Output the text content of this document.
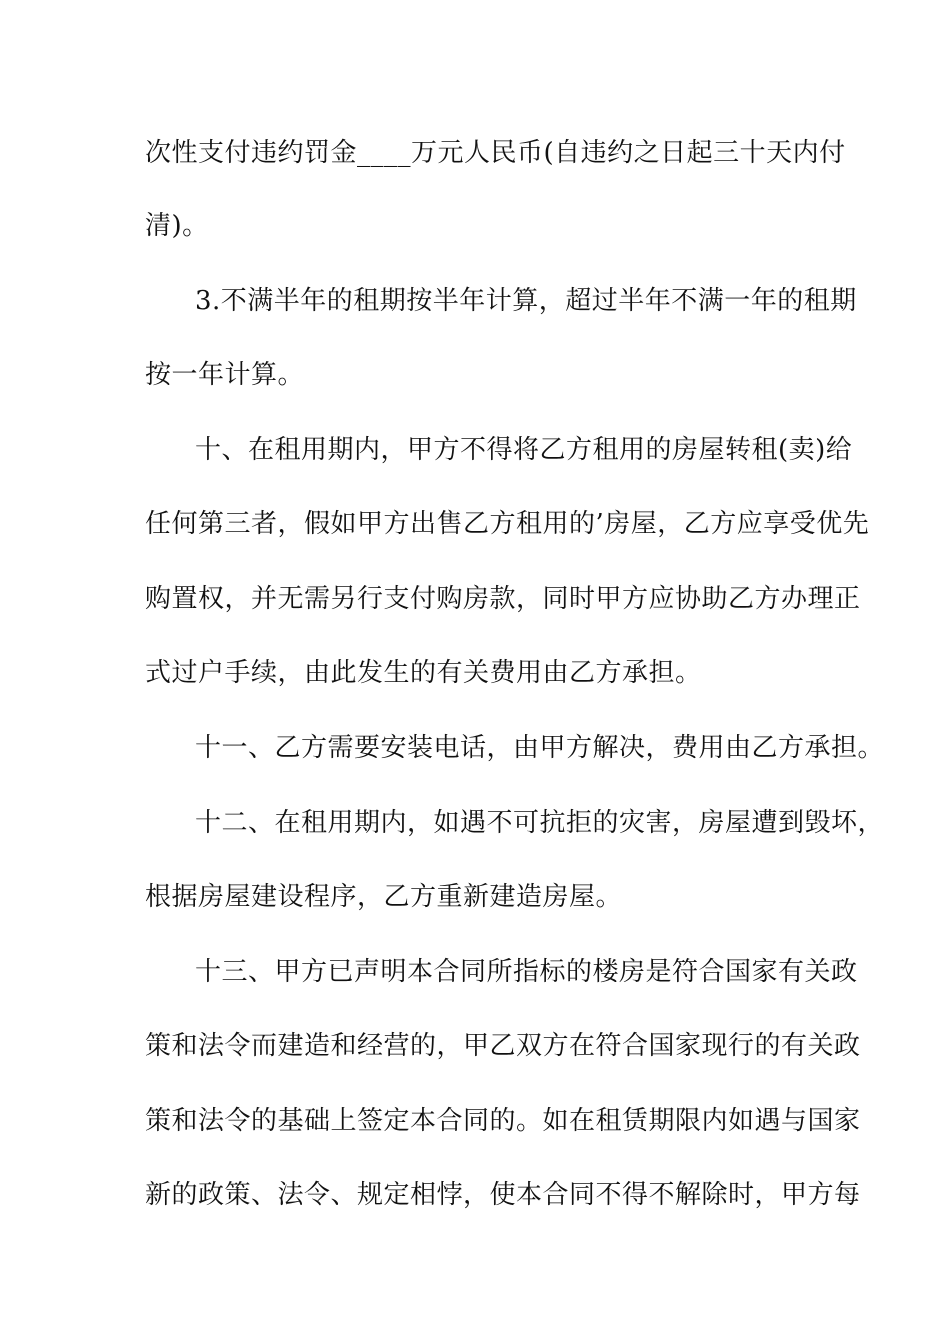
次性支付违约罚金____万元人民币(自违约之日起三十天内付
清)。
3.不满半年的租期按半年计算，超过半年不满一年的租期
按一年计算。
十、在租用期内，甲方不得将乙方租用的房屋转租(卖)给
任何第三者，假如甲方出售乙方租用的’房屋，乙方应享受优先
购置权，并无需另行支付购房款，同时甲方应协助乙方办理正
式过户手续，由此发生的有关费用由乙方承担。
十一、乙方需要安装电话，由甲方解决，费用由乙方承担。
十二、在租用期内，如遇不可抗拒的灾害，房屋遭到毁坏，
根据房屋建设程序，乙方重新建造房屋。
十三、甲方已声明本合同所指标的楼房是符合国家有关政
策和法令而建造和经营的，甲乙双方在符合国家现行的有关政
策和法令的基础上签定本合同的。如在租赁期限内如遇与国家
新的政策、法令、规定相悖，使本合同不得不解除时，甲方每
